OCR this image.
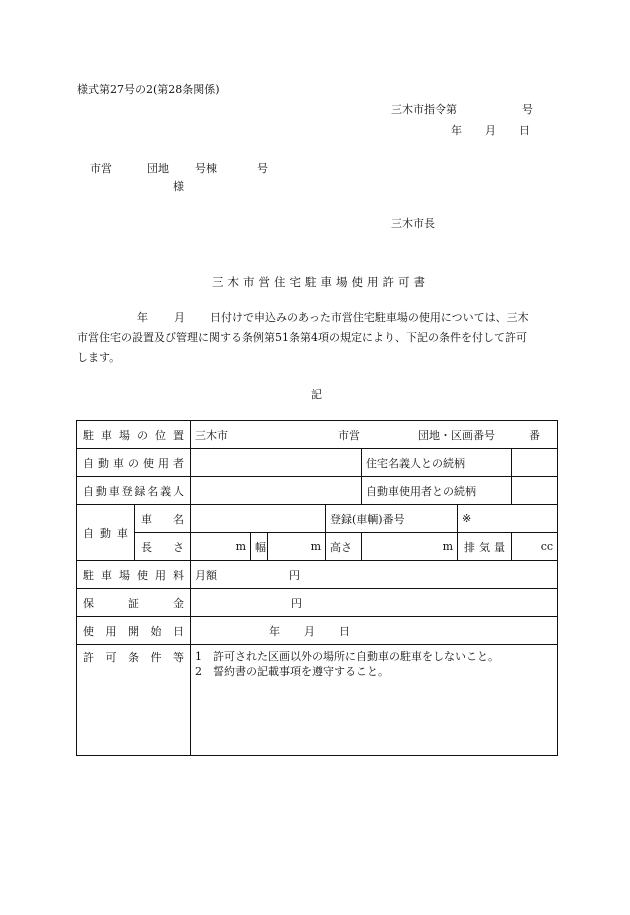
様式第27号の2(第28条関係)
三木市指令第	号
年 月 日
市営	団地 号棟	号
様
三木市長
三木市営住宅駐車場使用許可書
年 月 日付けで申込みのあった市営住宅駐車場の使用については、三木
市営住宅の設置及び管理に関する条例第51条第4項の規定により、下記の条件を付して許可
します。
記
駐車場の位置		三木市 市営 団地・区画番号 番						
自動車の使用者						住宅名義人との続柄		
自動車登録名義人						自動車使用者との続柄		
自動車	車名				登録(車輌)番号		※	
	長さ	m	幅	m	高さ	m	排気量	cc
駐車場使用料		月額 円						
保証金		円						
使用開始日		年 月 日						
許可条件等		1　許可された区画以外の場所に自動車の駐車をしないこと。
2　誓約書の記載事項を遵守すること。						
